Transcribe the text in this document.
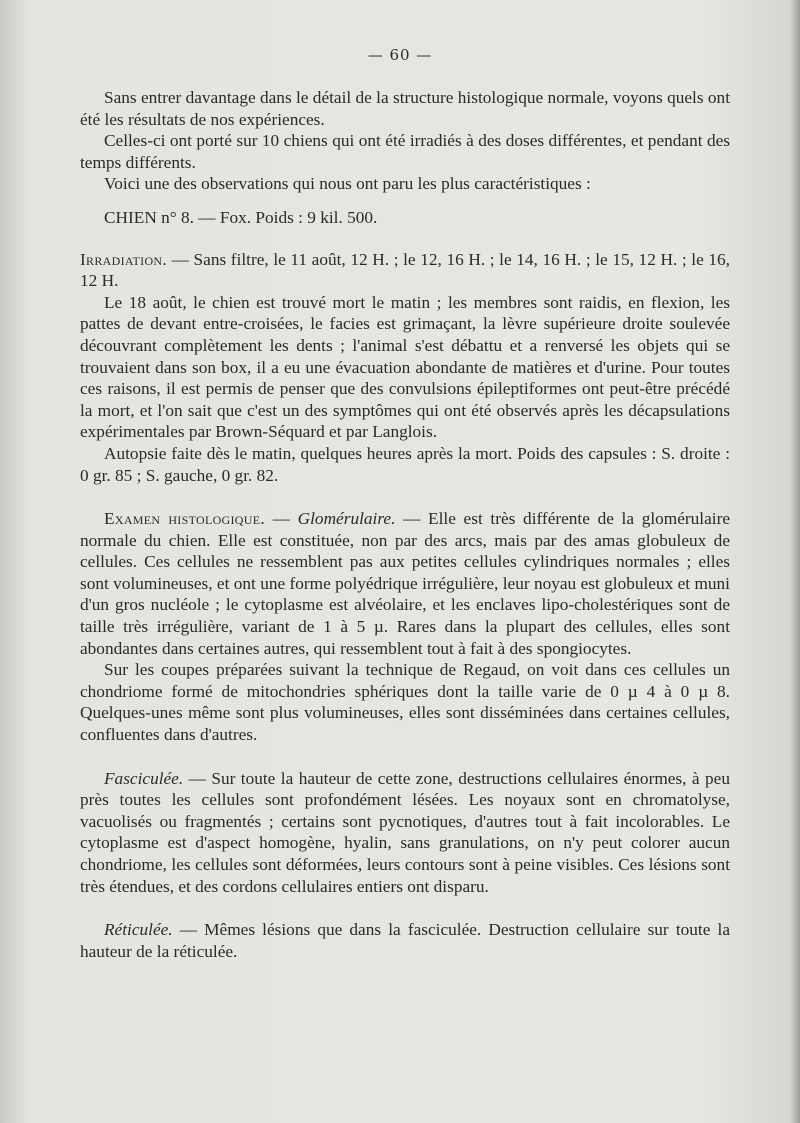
— 60 —

Sans entrer davantage dans le détail de la structure histologique normale, voyons quels ont été les résultats de nos expériences.

Celles-ci ont porté sur 10 chiens qui ont été irradiés à des doses différentes, et pendant des temps différents.

Voici une des observations qui nous ont paru les plus caractéristiques :

CHIEN n° 8. — Fox. Poids : 9 kil. 500.

Irradiation. — Sans filtre, le 11 août, 12 H. ; le 12, 16 H. ; le 14, 16 H. ; le 15, 12 H. ; le 16, 12 H.

Le 18 août, le chien est trouvé mort le matin ; les membres sont raidis, en flexion, les pattes de devant entre-croisées, le facies est grimaçant, la lèvre supérieure droite soulevée découvrant complètement les dents ; l'animal s'est débattu et a renversé les objets qui se trouvaient dans son box, il a eu une évacuation abondante de matières et d'urine. Pour toutes ces raisons, il est permis de penser que des convulsions épileptiformes ont peut-être précédé la mort, et l'on sait que c'est un des symptômes qui ont été observés après les décapsulations expérimentales par Brown-Séquard et par Langlois.

Autopsie faite dès le matin, quelques heures après la mort. Poids des capsules : S. droite : 0 gr. 85 ; S. gauche, 0 gr. 82.

Examen histologique. — Glomérulaire. — Elle est très différente de la glomérulaire normale du chien. Elle est constituée, non par des arcs, mais par des amas globuleux de cellules. Ces cellules ne ressemblent pas aux petites cellules cylindriques normales ; elles sont volumineuses, et ont une forme polyédrique irrégulière, leur noyau est globuleux et muni d'un gros nucléole ; le cytoplasme est alvéolaire, et les enclaves lipo-cholestériques sont de taille très irrégulière, variant de 1 à 5 µ. Rares dans la plupart des cellules, elles sont abondantes dans certaines autres, qui ressemblent tout à fait à des spongiocytes.

Sur les coupes préparées suivant la technique de Regaud, on voit dans ces cellules un chondriome formé de mitochondries sphériques dont la taille varie de 0 µ 4 à 0 µ 8. Quelques-unes même sont plus volumineuses, elles sont disséminées dans certaines cellules, confluentes dans d'autres.

Fasciculée. — Sur toute la hauteur de cette zone, destructions cellulaires énormes, à peu près toutes les cellules sont profondément lésées. Les noyaux sont en chromatolyse, vacuolisés ou fragmentés ; certains sont pycnotiques, d'autres tout à fait incolorables. Le cytoplasme est d'aspect homogène, hyalin, sans granulations, on n'y peut colorer aucun chondriome, les cellules sont déformées, leurs contours sont à peine visibles. Ces lésions sont très étendues, et des cordons cellulaires entiers ont disparu.

Réticulée. — Mêmes lésions que dans la fasciculée. Destruction cellulaire sur toute la hauteur de la réticulée.
